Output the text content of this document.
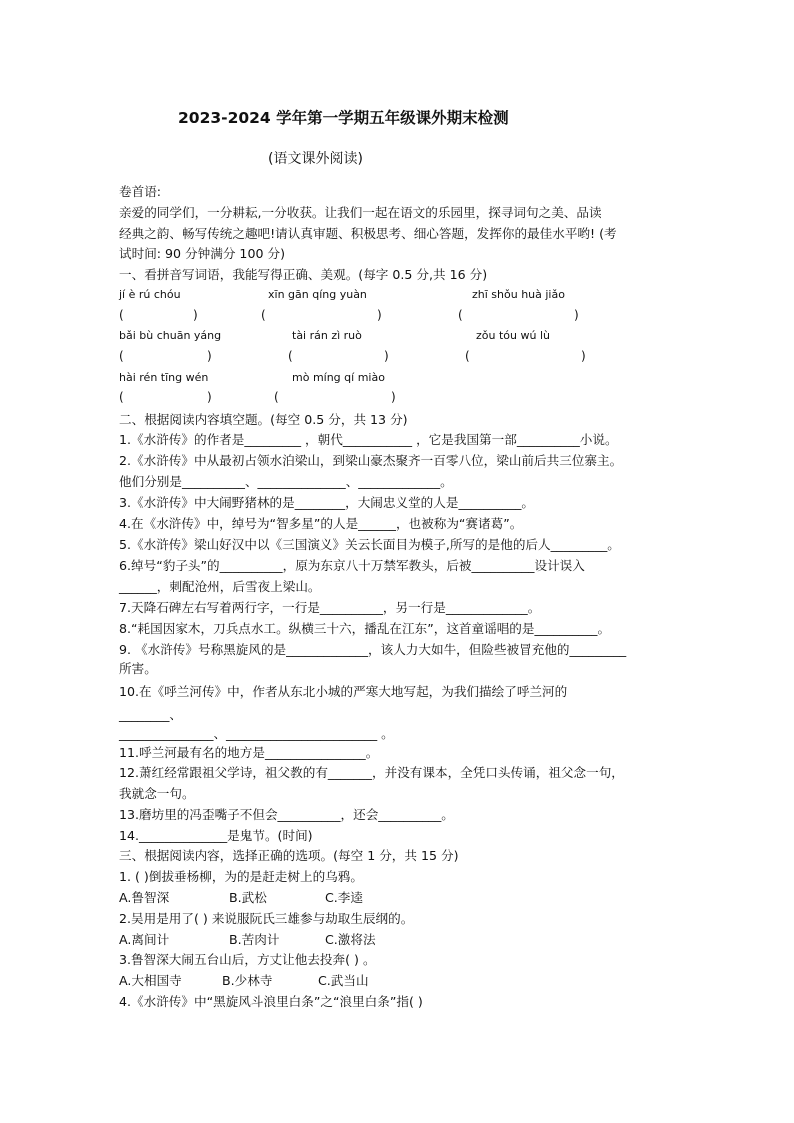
2023-2024 学年第一学期五年级课外期末检测
(语文课外阅读)
卷首语:
亲爱的同学们，一分耕耘,一分收获。让我们一起在语文的乐园里，探寻词句之美、品读
经典之韵、畅写传统之趣吧!请认真审题、积极思考、细心答题，发挥你的最佳水平哟! (考
试时间: 90 分钟满分 100 分)
一、看拼音写词语，我能写得正确、美观。(每字 0.5 分,共 16 分)
jí è rú chóu	xīn gān qíng yuàn	zhī shǒu huà jiǎo
(	)	(	)	(	)
bǎi bù chuān yáng	tài rán zì ruò	zǒu tóu wú lù
(	)	(	)	(	)
hài rén tīng wén	mò míng qí miào
(	)	(	)
二、根据阅读内容填空题。(每空 0.5 分，共 13 分)
1.《水浒传》的作者是_________ ，朝代___________ ，它是我国第一部__________小说。
2.《水浒传》中从最初占领水泊梁山，到梁山豪杰聚齐一百零八位，梁山前后共三位寨主。
他们分别是__________、______________、_____________。
3.《水浒传》中大闹野猪林的是________，大闹忠义堂的人是__________。
4.在《水浒传》中，绰号为“智多星”的人是______，也被称为“赛诸葛”。
5.《水浒传》梁山好汉中以《三国演义》关云长面目为模子,所写的是他的后人_________。
6.绰号“豹子头”的__________，原为东京八十万禁军教头，后被__________设计误入
______，刺配沧州，后雪夜上梁山。
7.天降石碑左右写着两行字，一行是__________，另一行是_____________。
8.“耗国因家木，刀兵点水工。纵横三十六，播乱在江东”，这首童谣唱的是__________。
9. 《水浒传》号称黑旋风的是_____________，该人力大如牛，但险些被冒充他的_________
所害。
10.在《呼兰河传》中，作者从东北小城的严寒大地写起，为我们描绘了呼兰河的
________、
_______________、________________________ 。
11.呼兰河最有名的地方是________________。
12.萧红经常跟祖父学诗，祖父教的有_______，并没有课本，全凭口头传诵，祖父念一句，
我就念一句。
13.磨坊里的冯歪嘴子不但会__________，还会__________。
14.______________是鬼节。(时间)
三、根据阅读内容，选择正确的选项。(每空 1 分，共 15 分)
1. ( )倒拔垂杨柳，为的是赶走树上的乌鸦。
A.鲁智深	B.武松	C.李逵
2.吴用是用了( ) 来说服阮氏三雄参与劫取生辰纲的。
A.离间计	B.苦肉计	C.激将法
3.鲁智深大闹五台山后，方丈让他去投奔( ) 。
A.大相国寺	B.少林寺	C.武当山
4.《水浒传》中“黑旋风斗浪里白条”之“浪里白条”指( )
